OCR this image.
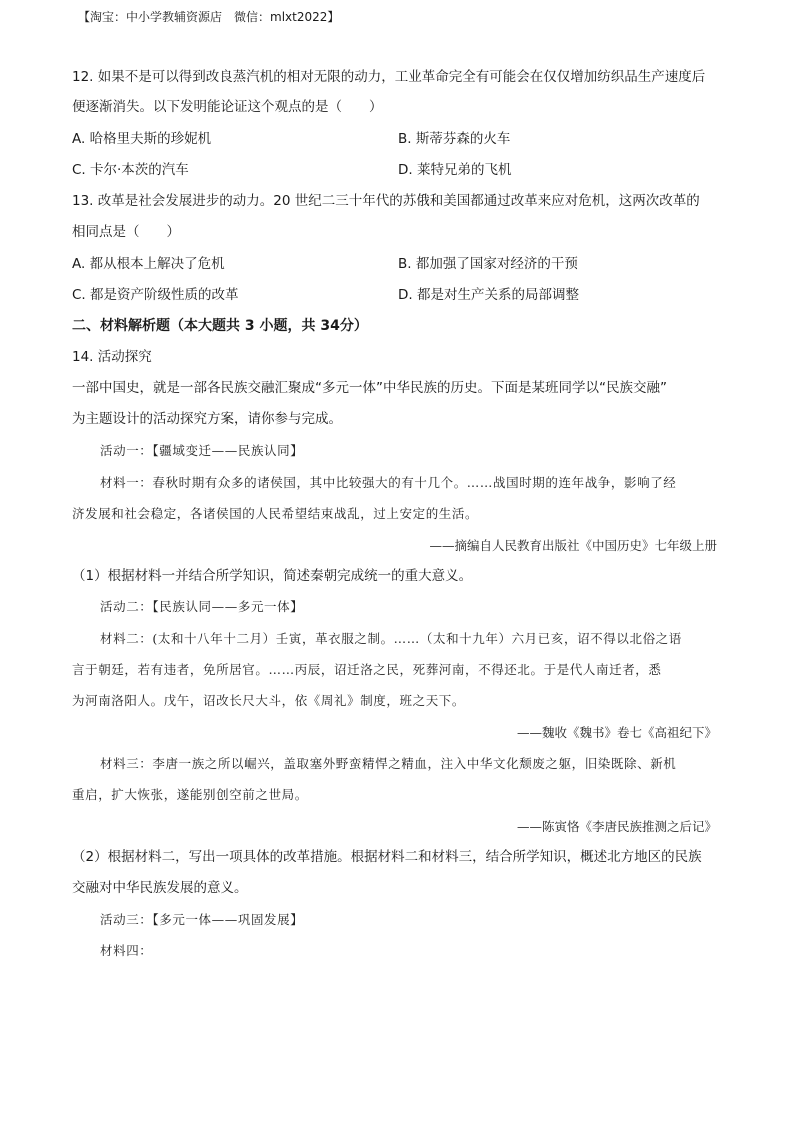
【淘宝：中小学教辅资源店　微信：mlxt2022】
12. 如果不是可以得到改良蒸汽机的相对无限的动力，工业革命完全有可能会在仅仅增加纺织品生产速度后
便逐渐消失。以下发明能论证这个观点的是（　　）
A. 哈格里夫斯的珍妮机	B. 斯蒂芬森的火车
C. 卡尔·本茨的汽车	D. 莱特兄弟的飞机
13. 改革是社会发展进步的动力。20 世纪二三十年代的苏俄和美国都通过改革来应对危机，这两次改革的
相同点是（　　）
A. 都从根本上解决了危机	B. 都加强了国家对经济的干预
C. 都是资产阶级性质的改革	D. 都是对生产关系的局部调整
二、材料解析题（本大题共 3 小题，共 34分）
14. 活动探究
一部中国史，就是一部各民族交融汇聚成“多元一体”中华民族的历史。下面是某班同学以“民族交融”
为主题设计的活动探究方案，请你参与完成。
活动一：【疆域变迁——民族认同】
材料一：春秋时期有众多的诸侯国，其中比较强大的有十几个。……战国时期的连年战争，影响了经
济发展和社会稳定，各诸侯国的人民希望结束战乱，过上安定的生活。
——摘编自人民教育出版社《中国历史》七年级上册
（1）根据材料一并结合所学知识，简述秦朝完成统一的重大意义。
活动二：【民族认同——多元一体】
材料二：(太和十八年十二月）壬寅，革衣服之制。……（太和十九年）六月已亥，诏不得以北俗之语
言于朝廷，若有违者，免所居官。……丙辰，诏迁洛之民，死葬河南，不得还北。于是代人南迁者，悉
为河南洛阳人。戊午，诏改长尺大斗，依《周礼》制度，班之天下。
——魏收《魏书》卷七《高祖纪下》
材料三：李唐一族之所以崛兴，盖取塞外野蛮精悍之精血，注入中华文化颓废之躯，旧染既除、新机
重启，扩大恢张，遂能别创空前之世局。
——陈寅恪《李唐民族推测之后记》
（2）根据材料二，写出一项具体的改革措施。根据材料二和材料三，结合所学知识，概述北方地区的民族
交融对中华民族发展的意义。
活动三：【多元一体——巩固发展】
材料四：
